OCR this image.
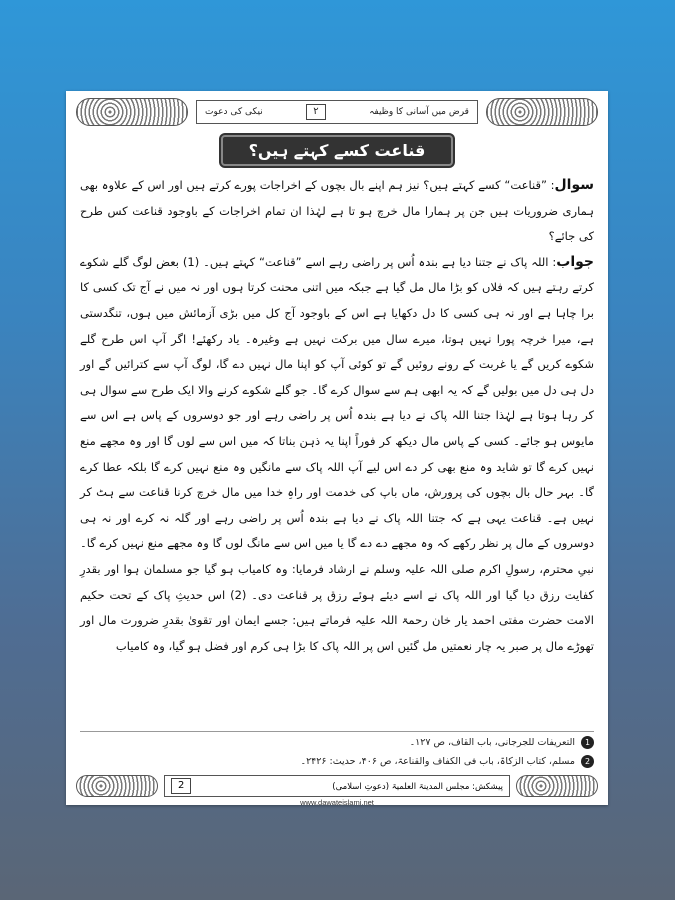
قرض میں آسانی کا وظیفہ
۲
نیکی کی دعوت
قناعت کسے کہتے ہیں؟

سوال: ”قناعت“ کسے کہتے ہیں؟ نیز ہم اپنے بال بچوں کے اخراجات پورے کرتے ہیں اور اس کے علاوہ بھی ہماری ضروریات ہیں جن پر ہمارا مال خرچ ہو تا ہے لہٰذا ان تمام اخراجات کے باوجود قناعت کس طرح کی جائے؟

جواب: اللہ پاک نے جتنا دیا ہے بندہ اُس پر راضی رہے اسے ”قناعت“ کہتے ہیں۔ (1) بعض لوگ گلے شکوے کرتے رہتے ہیں کہ فلاں کو بڑا مال مل گیا ہے جبکہ میں اتنی محنت کرتا ہوں اور نہ میں نے آج تک کسی کا برا چاہا ہے اور نہ ہی کسی کا دل دکھایا ہے اس کے باوجود آج کل میں بڑی آزمائش میں ہوں، تنگدستی ہے، میرا خرچہ پورا نہیں ہوتا، میرے سال میں برکت نہیں ہے وغیرہ۔ یاد رکھئے! اگر آپ اس طرح گلے شکوے کریں گے یا غربت کے رونے روئیں گے تو کوئی آپ کو اپنا مال نہیں دے گا، لوگ آپ سے کترائیں گے اور دل ہی دل میں بولیں گے کہ یہ ابھی ہم سے سوال کرے گا۔ جو گلے شکوے کرنے والا ایک طرح سے سوال ہی کر رہا ہوتا ہے لہٰذا جتنا اللہ پاک نے دیا ہے بندہ اُس پر راضی رہے اور جو دوسروں کے پاس ہے اس سے مایوس ہو جائے۔ کسی کے پاس مال دیکھ کر فوراً اپنا یہ ذہن بناتا کہ میں اس سے لوں گا اور وہ مجھے منع نہیں کرے گا تو شاید وہ منع بھی کر دے اس لیے آپ اللہ پاک سے مانگیں وہ منع نہیں کرے گا بلکہ عطا کرے گا۔ بہر حال بال بچوں کی پرورش، ماں باپ کی خدمت اور راہِ خدا میں مال خرچ کرنا قناعت سے ہٹ کر نہیں ہے۔ قناعت یہی ہے کہ جتنا اللہ پاک نے دیا ہے بندہ اُس پر راضی رہے اور گلہ نہ کرے اور نہ ہی دوسروں کے مال پر نظر رکھے کہ وہ مجھے دے دے گا یا میں اس سے مانگ لوں گا وہ مجھے منع نہیں کرے گا۔ نبیِ محترم، رسولِ اکرم صلی اللہ علیہ وسلم نے ارشاد فرمایا: وہ کامیاب ہو گیا جو مسلمان ہوا اور بقدرِ کفایت رزق دیا گیا اور اللہ پاک نے اسے دیئے ہوئے رزق پر قناعت دی۔ (2) اس حدیثِ پاک کے تحت حکیم الامت حضرت مفتی احمد یار خان رحمۃ اللہ علیہ فرماتے ہیں: جسے ایمان اور تقویٰ بقدرِ ضرورت مال اور تھوڑے مال پر صبر یہ چار نعمتیں مل گئیں اس پر اللہ پاک کا بڑا ہی کرم اور فضل ہو گیا، وہ کامیاب

1
التعریفات للجرجانی، باب القاف، ص ۱۲۷۔
2
مسلم، کتاب الزکاۃ، باب فی الکفاف والقناعۃ، ص ۴۰۶، حدیث: ۲۴۲۶۔
پیشکش: مجلس المدینۃ العلمیۃ (دعوتِ اسلامی)
2
www.dawateislami.net
